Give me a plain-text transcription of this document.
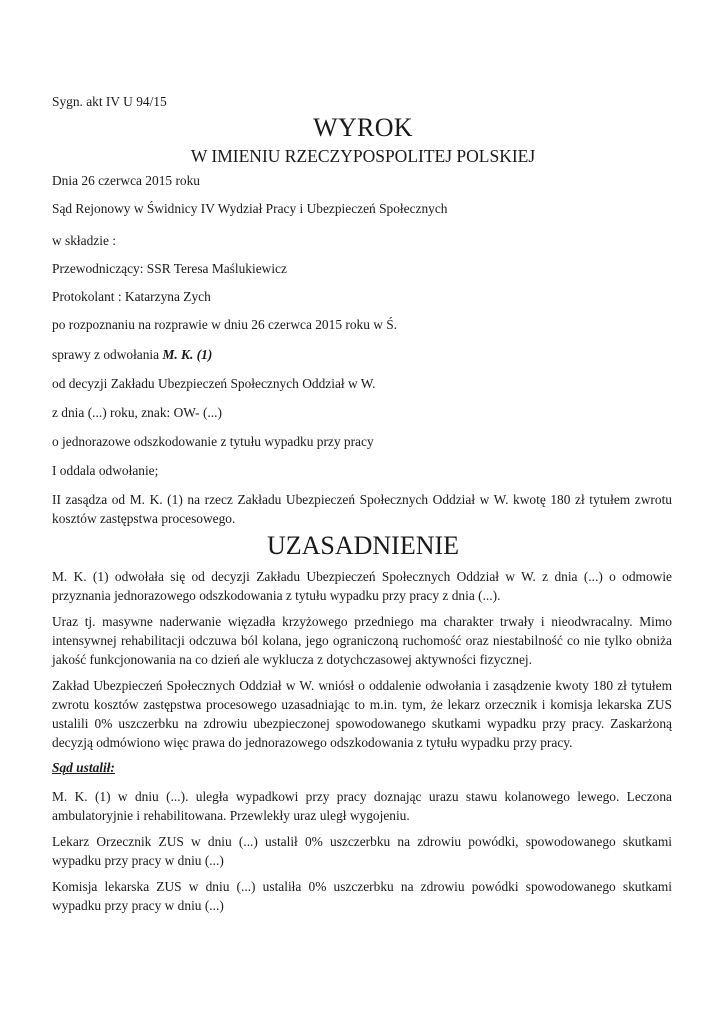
Sygn. akt IV U 94/15
WYROK
W IMIENIU RZECZYPOSPOLITEJ POLSKIEJ
Dnia 26 czerwca 2015 roku
Sąd Rejonowy w Świdnicy IV Wydział Pracy i Ubezpieczeń Społecznych
w składzie :
Przewodniczący: SSR Teresa Maślukiewicz
Protokolant : Katarzyna Zych
po rozpoznaniu na rozprawie w dniu 26 czerwca 2015 roku w Ś.
sprawy z odwołania M. K. (1)
od decyzji Zakładu Ubezpieczeń Społecznych Oddział w W.
z dnia (...) roku, znak: OW- (...)
o jednorazowe odszkodowanie z tytułu wypadku przy pracy
I oddala odwołanie;
II zasądza od M. K. (1) na rzecz Zakładu Ubezpieczeń Społecznych Oddział w W. kwotę 180 zł tytułem zwrotu kosztów zastępstwa procesowego.
UZASADNIENIE
M. K. (1) odwołała się od decyzji Zakładu Ubezpieczeń Społecznych Oddział w W. z dnia (...) o odmowie przyznania jednorazowego odszkodowania z tytułu wypadku przy pracy z dnia (...).
Uraz tj. masywne naderwanie więzadła krzyżowego przedniego ma charakter trwały i nieodwracalny. Mimo intensywnej rehabilitacji odczuwa ból kolana, jego ograniczoną ruchomość oraz niestabilność co nie tylko obniża jakość funkcjonowania na co dzień ale wyklucza z dotychczasowej aktywności fizycznej.
Zakład Ubezpieczeń Społecznych Oddział w W. wniósł o oddalenie odwołania i zasądzenie kwoty 180 zł tytułem zwrotu kosztów zastępstwa procesowego uzasadniając to m.in. tym, że lekarz orzecznik i komisja lekarska ZUS ustalili 0% uszczerbku na zdrowiu ubezpieczonej spowodowanego skutkami wypadku przy pracy. Zaskarżoną decyzją odmówiono więc prawa do jednorazowego odszkodowania z tytułu wypadku przy pracy.
Sąd ustalił:
M. K. (1) w dniu (...). uległa wypadkowi przy pracy doznając urazu stawu kolanowego lewego. Leczona ambulatoryjnie i rehabilitowana. Przewlekły uraz uległ wygojeniu.
Lekarz Orzecznik ZUS w dniu (...) ustalił 0% uszczerbku na zdrowiu powódki, spowodowanego skutkami wypadku przy pracy w dniu (...)
Komisja lekarska ZUS w dniu (...) ustaliła 0% uszczerbku na zdrowiu powódki spowodowanego skutkami wypadku przy pracy w dniu (...)
